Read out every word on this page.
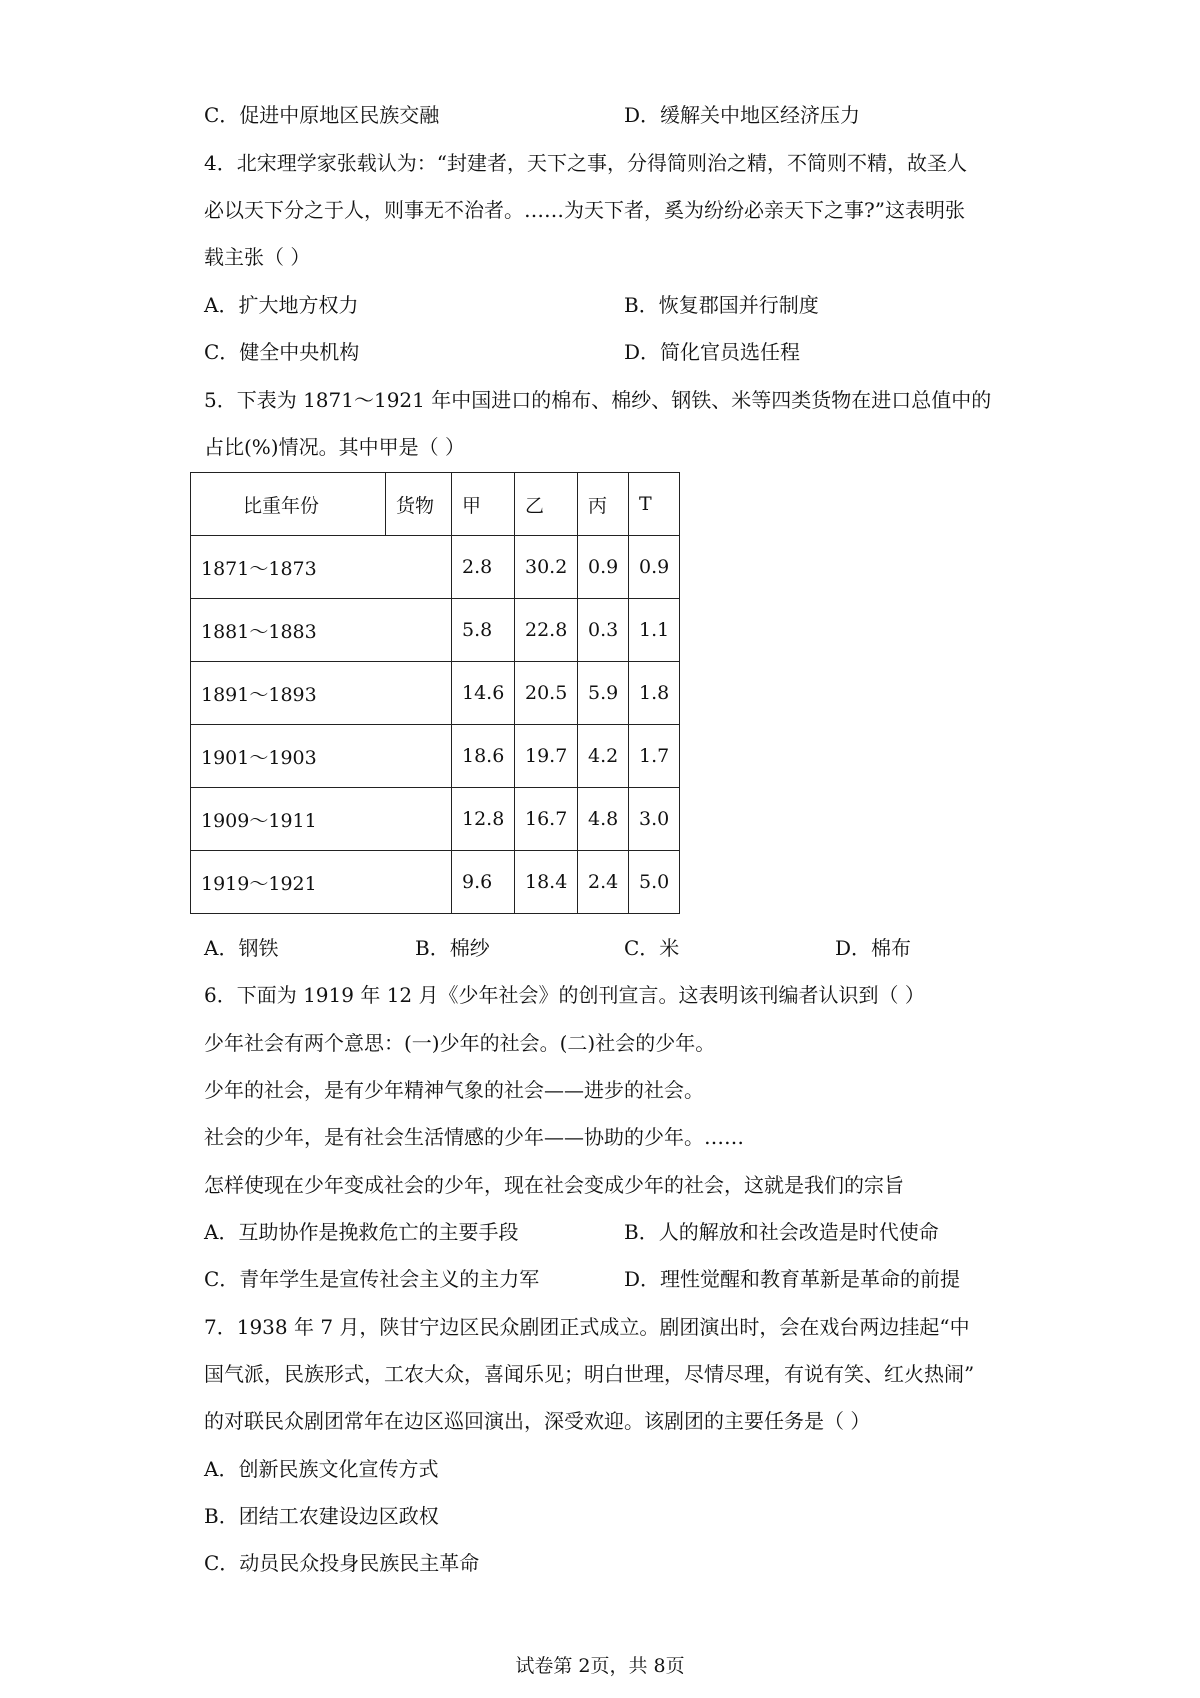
C．促进中原地区民族交融	D．缓解关中地区经济压力
4．北宋理学家张载认为：“封建者，天下之事，分得简则治之精，不简则不精，故圣人
必以天下分之于人，则事无不治者。……为天下者，奚为纷纷必亲天下之事?”这表明张
载主张（ ）
A．扩大地方权力	B．恢复郡国并行制度
C．健全中央机构	D．简化官员选任程
5．下表为 1871～1921 年中国进口的棉布、棉纱、钢铁、米等四类货物在进口总值中的
占比(%)情况。其中甲是（ ）
比重年份	货物	甲	乙	丙	T
1871～1873		2.8	30.2	0.9	0.9
1881～1883		5.8	22.8	0.3	1.1
1891～1893		14.6	20.5	5.9	1.8
1901～1903		18.6	19.7	4.2	1.7
1909～1911		12.8	16.7	4.8	3.0
1919～1921		9.6	18.4	2.4	5.0
A．钢铁	B．棉纱	C．米	D．棉布
6．下面为 1919 年 12 月《少年社会》的创刊宣言。这表明该刊编者认识到（ ）
少年社会有两个意思：(一)少年的社会。(二)社会的少年。
少年的社会，是有少年精神气象的社会——进步的社会。
社会的少年，是有社会生活情感的少年——协助的少年。……
怎样使现在少年变成社会的少年，现在社会变成少年的社会，这就是我们的宗旨
A．互助协作是挽救危亡的主要手段	B．人的解放和社会改造是时代使命
C．青年学生是宣传社会主义的主力军	D．理性觉醒和教育革新是革命的前提
7．1938 年 7 月，陕甘宁边区民众剧团正式成立。剧团演出时，会在戏台两边挂起“中
国气派，民族形式，工农大众，喜闻乐见；明白世理，尽情尽理，有说有笑、红火热闹”
的对联民众剧团常年在边区巡回演出，深受欢迎。该剧团的主要任务是（ ）
A．创新民族文化宣传方式
B．团结工农建设边区政权
C．动员民众投身民族民主革命
试卷第 2页，共 8页
